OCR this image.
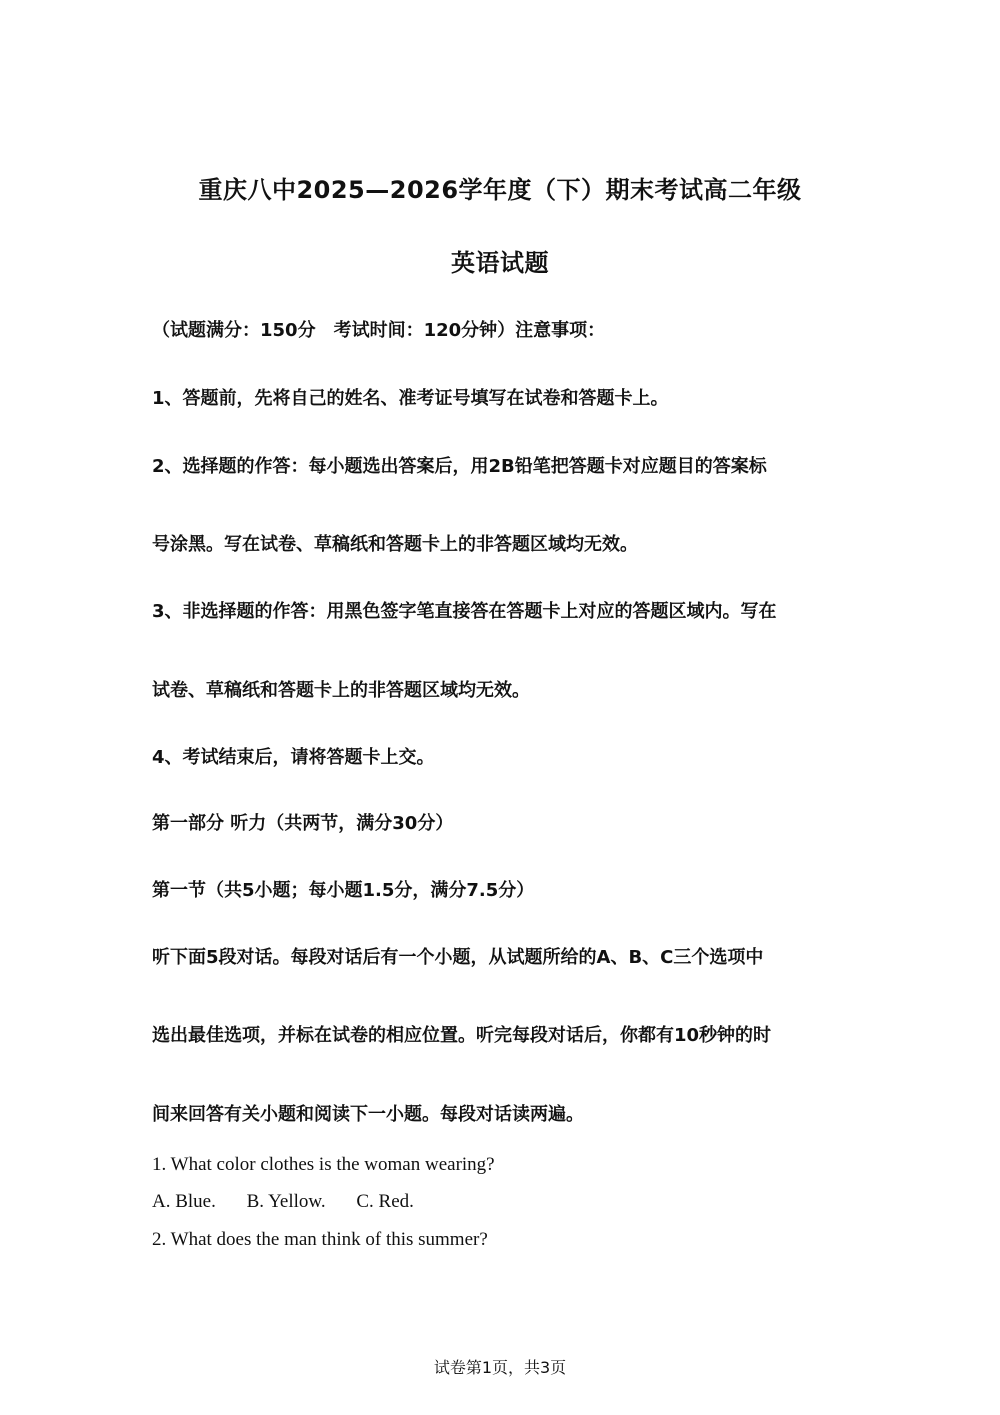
重庆八中2025—2026学年度（下）期末考试高二年级
英语试题
（试题满分：150分　考试时间：120分钟）注意事项：
1、答题前，先将自己的姓名、准考证号填写在试卷和答题卡上。
2、选择题的作答：每小题选出答案后，用2B铅笔把答题卡对应题目的答案标
号涂黑。写在试卷、草稿纸和答题卡上的非答题区域均无效。
3、非选择题的作答：用黑色签字笔直接答在答题卡上对应的答题区域内。写在
试卷、草稿纸和答题卡上的非答题区域均无效。
4、考试结束后，请将答题卡上交。
第一部分 听力（共两节，满分30分）
第一节（共5小题；每小题1.5分，满分7.5分）
听下面5段对话。每段对话后有一个小题，从试题所给的A、B、C三个选项中
选出最佳选项，并标在试卷的相应位置。听完每段对话后，你都有10秒钟的时
间来回答有关小题和阅读下一小题。每段对话读两遍。
1. What color clothes is the woman wearing?
A. Blue. B. Yellow. C. Red.
2. What does the man think of this summer?
试卷第1页，共3页
